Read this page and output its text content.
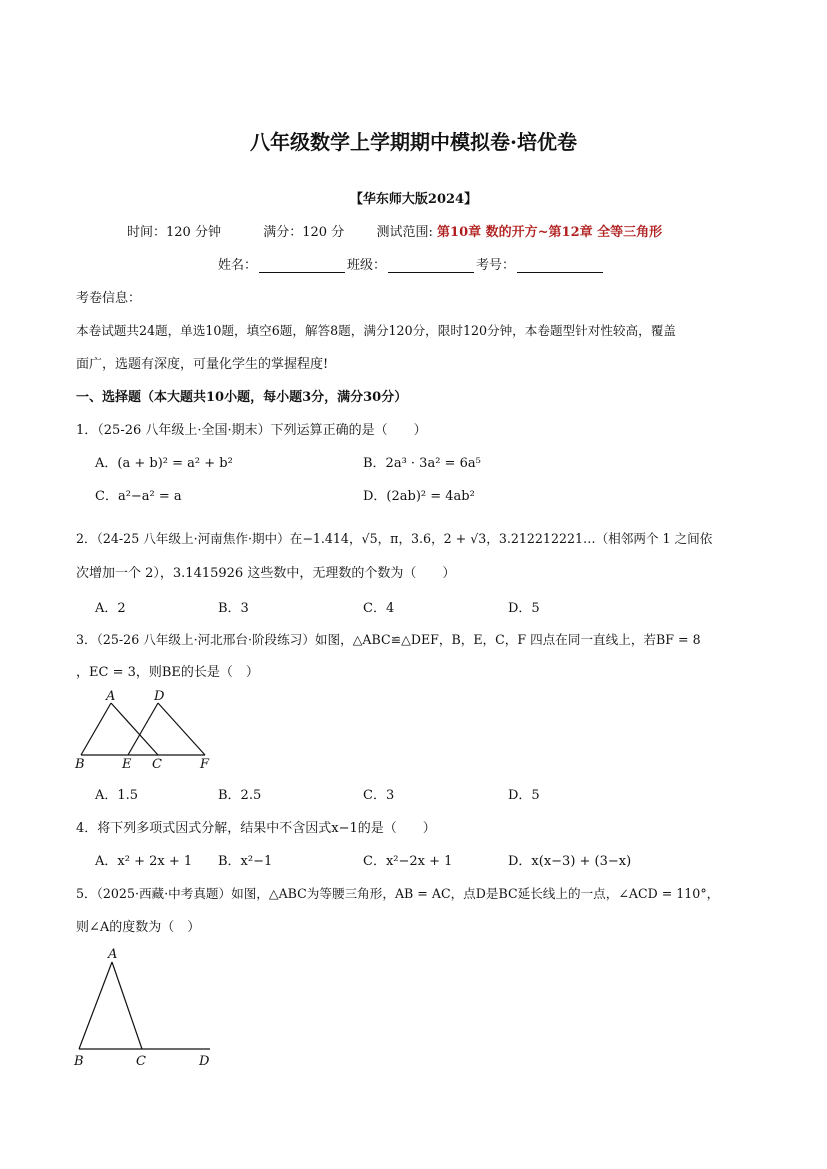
八年级数学上学期期中模拟卷·培优卷
【华东师大版2024】
时间：120 分钟	满分：120 分 测试范围: 第10章 数的开方~第12章 全等三角形
姓名：	班级：	考号：
考卷信息：
本卷试题共24题，单选10题，填空6题，解答8题，满分120分，限时120分钟，本卷题型针对性较高，覆盖
面广，选题有深度，可量化学生的掌握程度!
一、选择题（本大题共10小题，每小题3分，满分30分）
1．（25-26 八年级上·全国·期末）下列运算正确的是（　　）
A．(a + b)² = a² + b²	B．2a³ · 3a² = 6a⁵
C．a²−a² = a	D．(2ab)² = 4ab²
2．（24-25 八年级上·河南焦作·期中）在−1.414，√5，π，3.6，2 + √3，3.212212221…（相邻两个 1 之间依
次增加一个 2），3.1415926 这些数中，无理数的个数为（　　）
A．2	B．3	C．4	D．5
3．（25-26 八年级上·河北邢台·阶段练习）如图，△ABC≌△DEF，B，E，C，F 四点在同一直线上，若BF = 8
，EC = 3，则BE的长是（　）
A	D
B	E C	F
A．1.5	B．2.5	C．3	D．5
4．将下列多项式因式分解，结果中不含因式x−1的是（　　）
A．x² + 2x + 1 B．x²−1	C．x²−2x + 1	D．x(x−3) + (3−x)
5．（2025·西藏·中考真题）如图，△ABC为等腰三角形，AB = AC，点D是BC延长线上的一点，∠ACD = 110°，
则∠A的度数为（　）
A
B	C	D
